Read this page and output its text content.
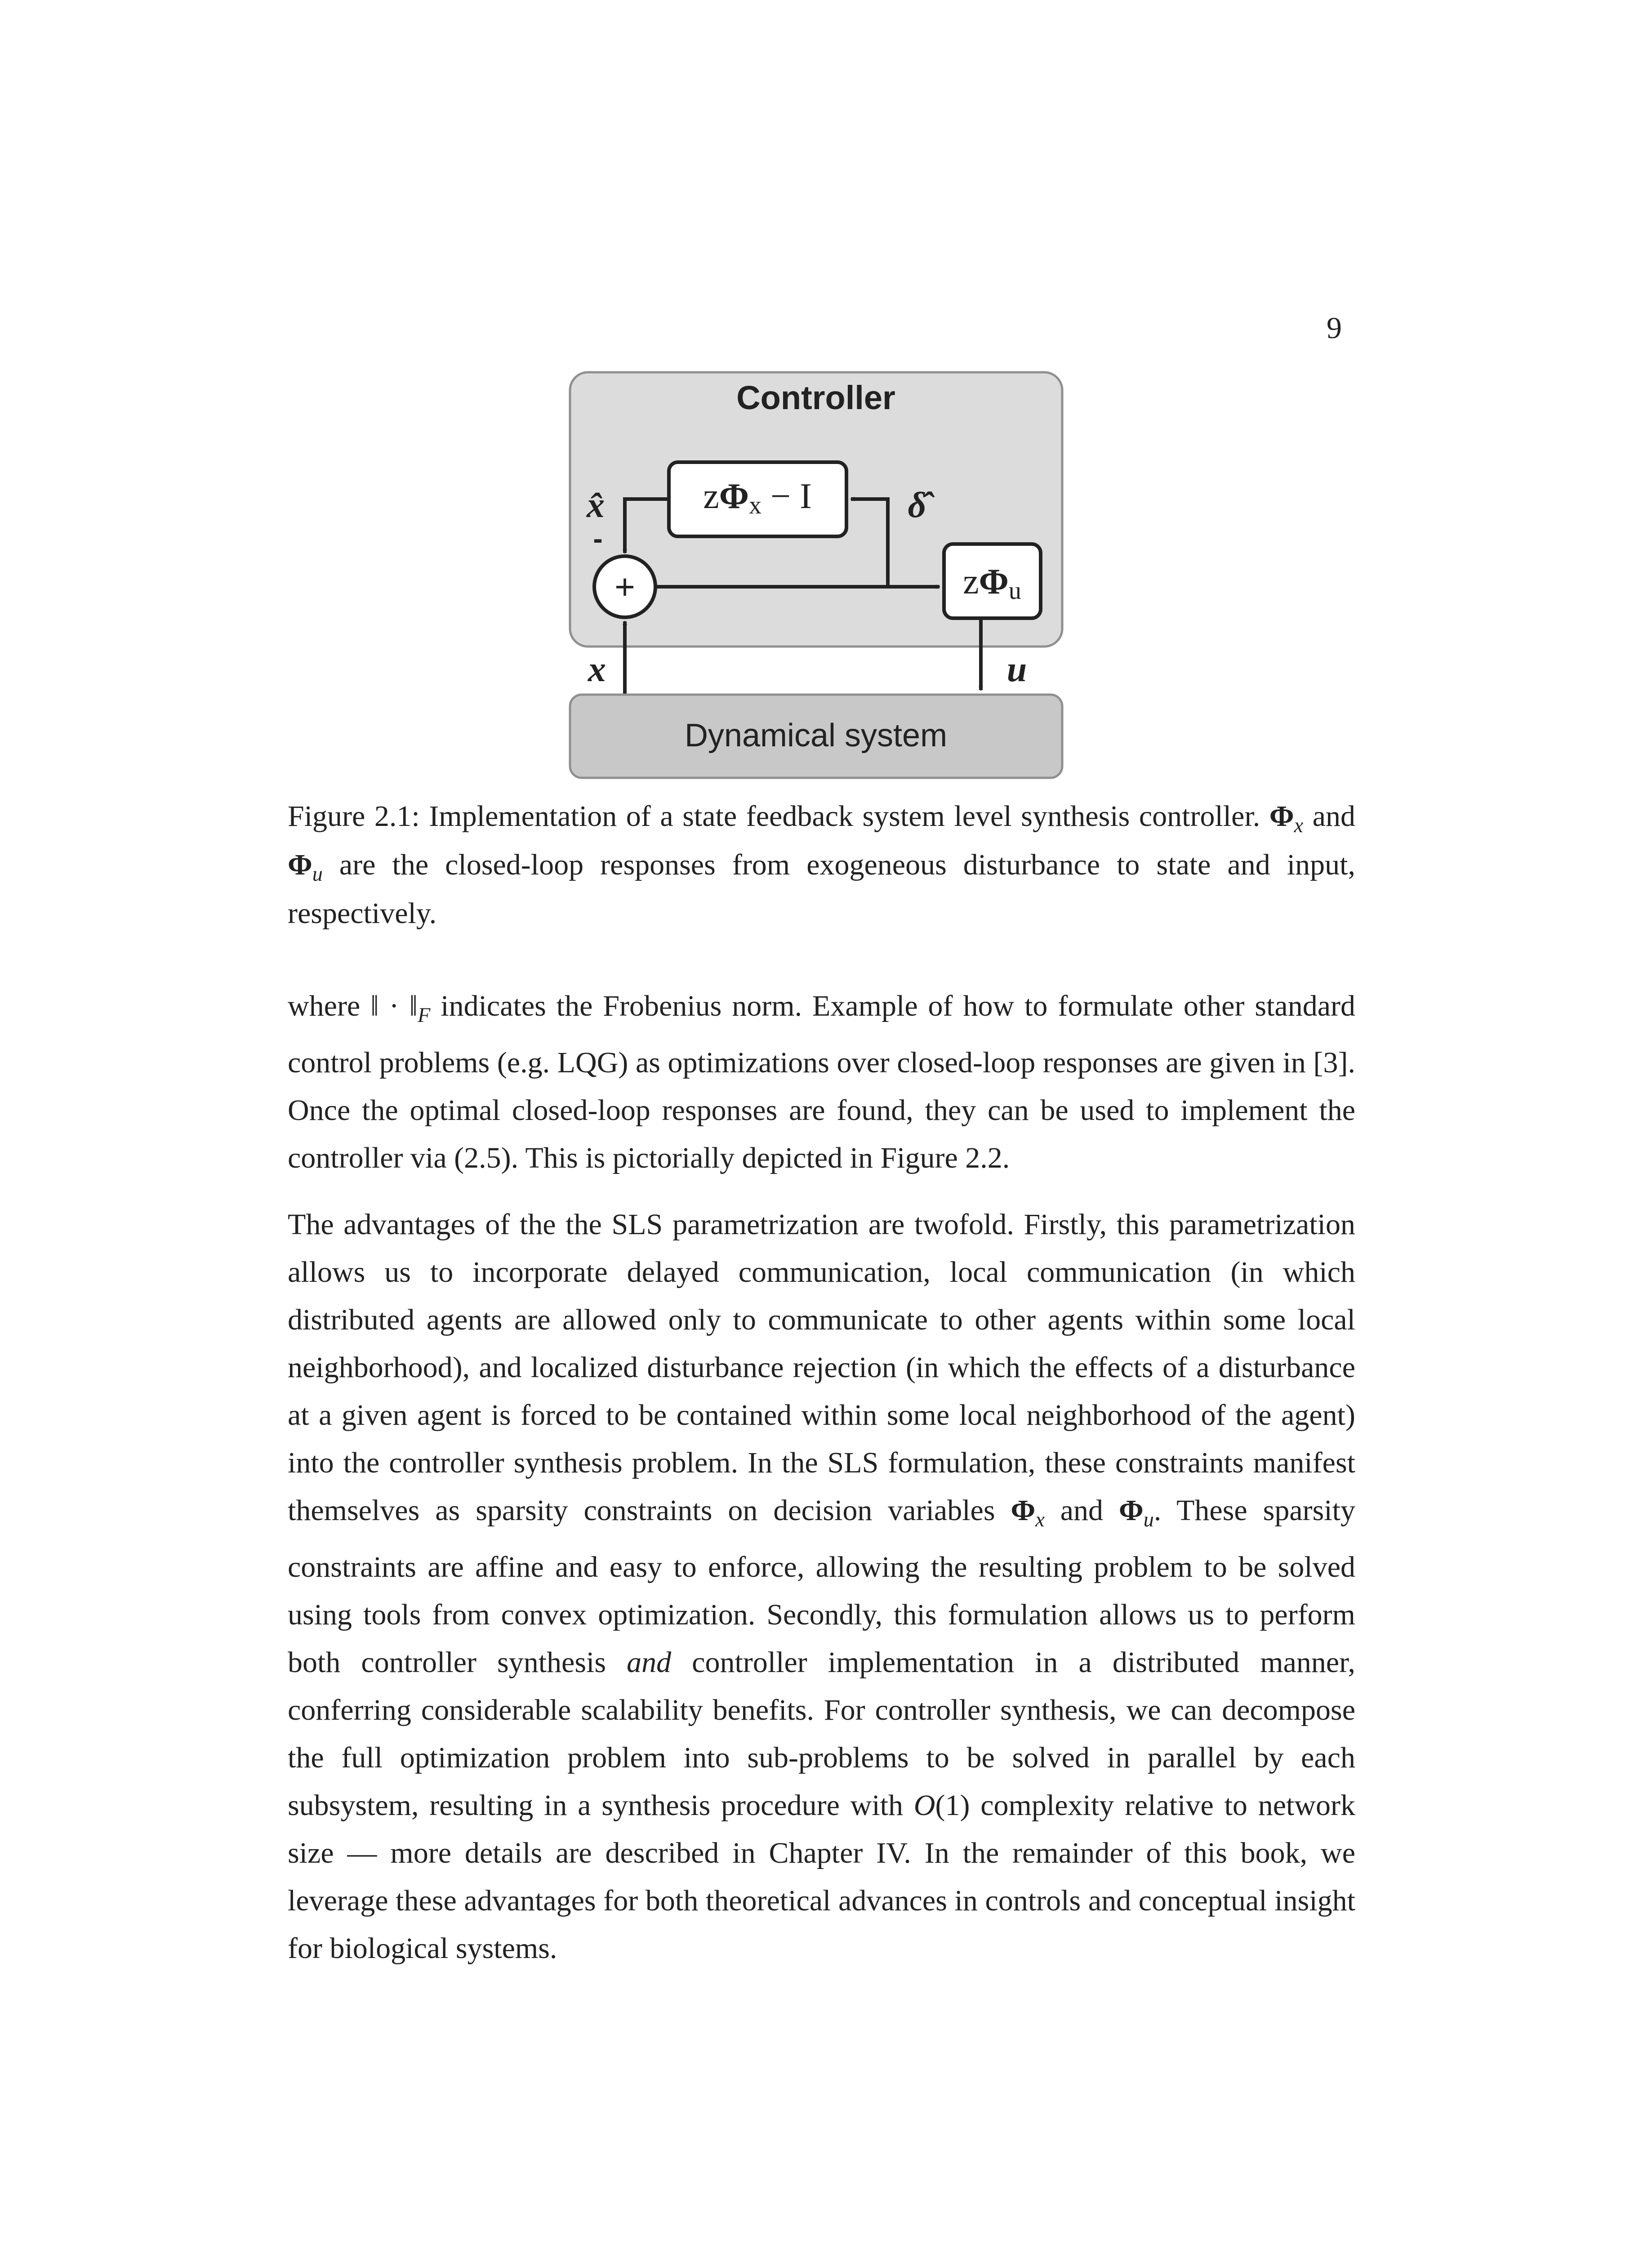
9
Controller
zΦx − I
zΦu
+
-
x̂	δ̂
x	u
Dynamical system
Figure 2.1: Implementation of a state feedback system level synthesis controller. $\Phi_x$ and $\Phi_u$ are the closed-loop responses from exogeneous disturbance to state and input, respectively.

where ‖ · $‖_F$ indicates the Frobenius norm. Example of how to formulate other standard control problems (e.g. LQG) as optimizations over closed-loop responses are given in [3]. Once the optimal closed-loop responses are found, they can be used to implement the controller via (2.5). This is pictorially depicted in Figure 2.2.

The advantages of the the SLS parametrization are twofold. Firstly, this parametrization allows us to incorporate delayed communication, local communication (in which distributed agents are allowed only to communicate to other agents within some local neighborhood), and localized disturbance rejection (in which the effects of a disturbance at a given agent is forced to be contained within some local neighborhood of the agent) into the controller synthesis problem. In the SLS formulation, these constraints manifest themselves as sparsity constraints on decision variables $\Phi_x$ and $\Phi_u$. These sparsity constraints are affine and easy to enforce, allowing the resulting problem to be solved using tools from convex optimization. Secondly, this formulation allows us to perform both controller synthesis and controller implementation in a distributed manner, conferring considerable scalability benefits. For controller synthesis, we can decompose the full optimization problem into sub-problems to be solved in parallel by each subsystem, resulting in a synthesis procedure with O(1) complexity relative to network size — more details are described in Chapter IV. In the remainder of this book, we leverage these advantages for both theoretical advances in controls and conceptual insight for biological systems.
